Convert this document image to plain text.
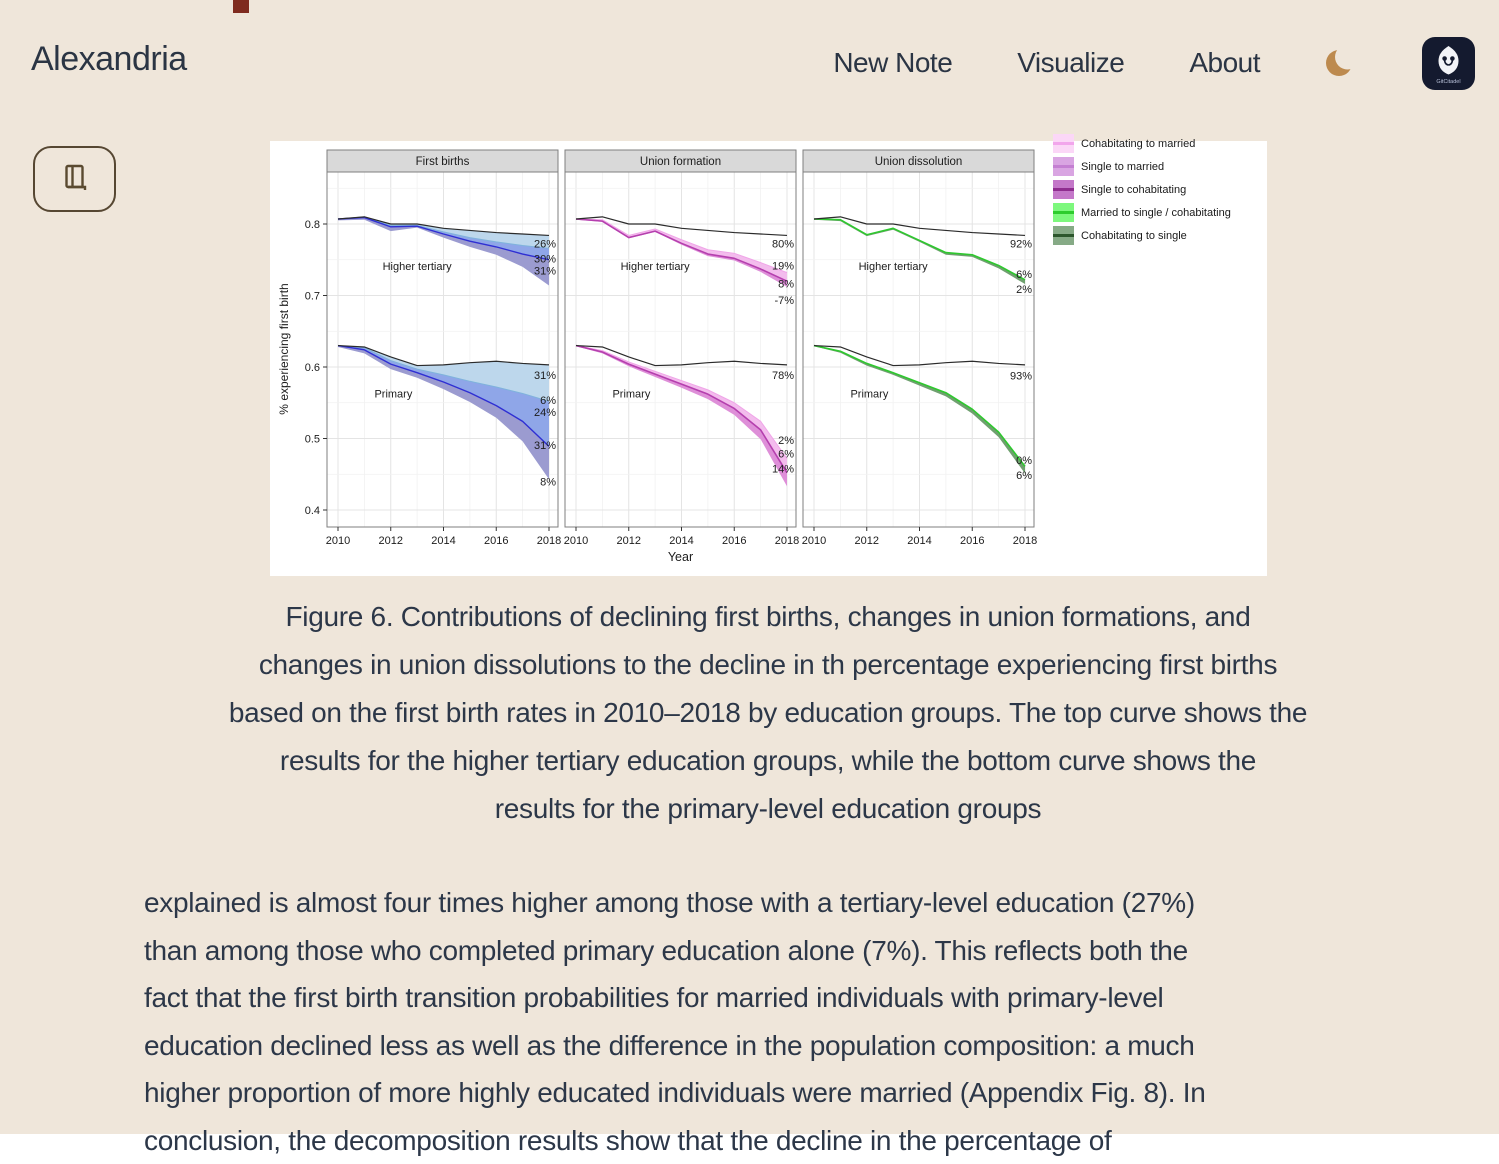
Alexandria	New Note Visualize About
GitCitadel
Higher tertiary
26%
30%
31%
Primary
31%
6%
24%
31%
8%
First births
2010	2012	2014	2016	2018
Higher tertiary
80%
19%
8%
-7%
Primary
78%
2%
6%
14%
Union formation
2010	2012	2014	2016	2018
Higher tertiary
92%
6%
2%
Primary
93%
0%
6%
Union dissolution
2010	2012	2014	2016	2018
0.4
0.5
0.6
0.7
0.8
Year
% experiencing first birth
Cohabitating to married
Single to married
Single to cohabitating
Married to single / cohabitating
Cohabitating to single
Figure 6. Contributions of declining first births, changes in union formations, and
changes in union dissolutions to the decline in th percentage experiencing first births
based on the first birth rates in 2010–2018 by education groups. The top curve shows the
results for the higher tertiary education groups, while the bottom curve shows the
results for the primary-level education groups
explained is almost four times higher among those with a tertiary-level education (27%)
than among those who completed primary education alone (7%). This reflects both the
fact that the first birth transition probabilities for married individuals with primary-level
education declined less as well as the difference in the population composition: a much
higher proportion of more highly educated individuals were married (Appendix Fig. 8). In
conclusion, the decomposition results show that the decline in the percentage of
